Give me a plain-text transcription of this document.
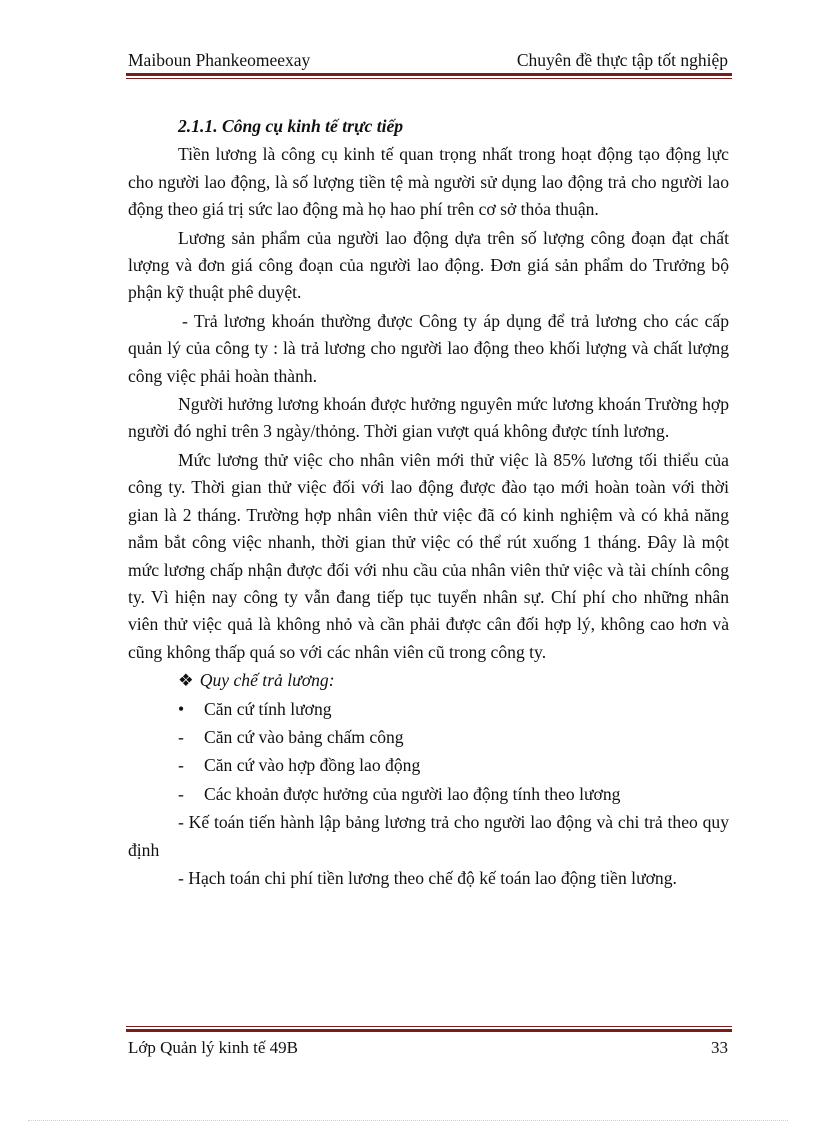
Maiboun Phankeomeexay	Chuyên đề thực tập tốt nghiệp

2.1.1. Công cụ kinh tế trực tiếp

Tiền lương là công cụ kinh tế quan trọng nhất trong hoạt động tạo động lực cho người lao động, là số lượng tiền tệ mà người sử dụng lao động trả cho người lao động theo giá trị sức lao động mà họ hao phí trên cơ sở thỏa thuận.

Lương sản phẩm của người lao động dựa trên số lượng công đoạn đạt chất lượng và đơn giá công đoạn của người lao động. Đơn giá sản phẩm do Trưởng bộ phận kỹ thuật phê duyệt.

- Trả lương khoán thường được Công ty áp dụng để trả lương cho các cấp quản lý của công ty : là trả lương cho người lao động theo khối lượng và chất lượng công việc phải hoàn thành.

Người hưởng lương khoán được hưởng nguyên mức lương khoán Trường hợp người đó nghỉ trên 3 ngày/thỏng. Thời gian vượt quá không được tính lương.

Mức lương thử việc cho nhân viên mới thử việc là 85% lương tối thiểu của công ty. Thời gian thử việc đối với lao động được đào tạo mới hoàn toàn với thời gian là 2 tháng. Trường hợp nhân viên thử việc đã có kinh nghiệm và có khả năng nắm bắt công việc nhanh, thời gian thử việc có thể rút xuống 1 tháng. Đây là một mức lương chấp nhận được đối với nhu cầu của nhân viên thử việc và tài chính công ty. Vì hiện nay công ty vẫn đang tiếp tục tuyển nhân sự. Chí phí cho những nhân viên thử việc quả là không nhỏ và cần phải được cân đối hợp lý, không cao hơn và cũng không thấp quá so với các nhân viên cũ trong công ty.

❖ Quy chế trả lương:

• Căn cứ tính lương

- Căn cứ vào bảng chấm công

- Căn cứ vào hợp đồng lao động

- Các khoản được hưởng của người lao động tính theo lương

- Kế toán tiến hành lập bảng lương trả cho người lao động và chi trả theo quy định

- Hạch toán chi phí tiền lương theo chế độ kế toán lao động tiền lương.

Lớp Quản lý kinh tế 49B	33
